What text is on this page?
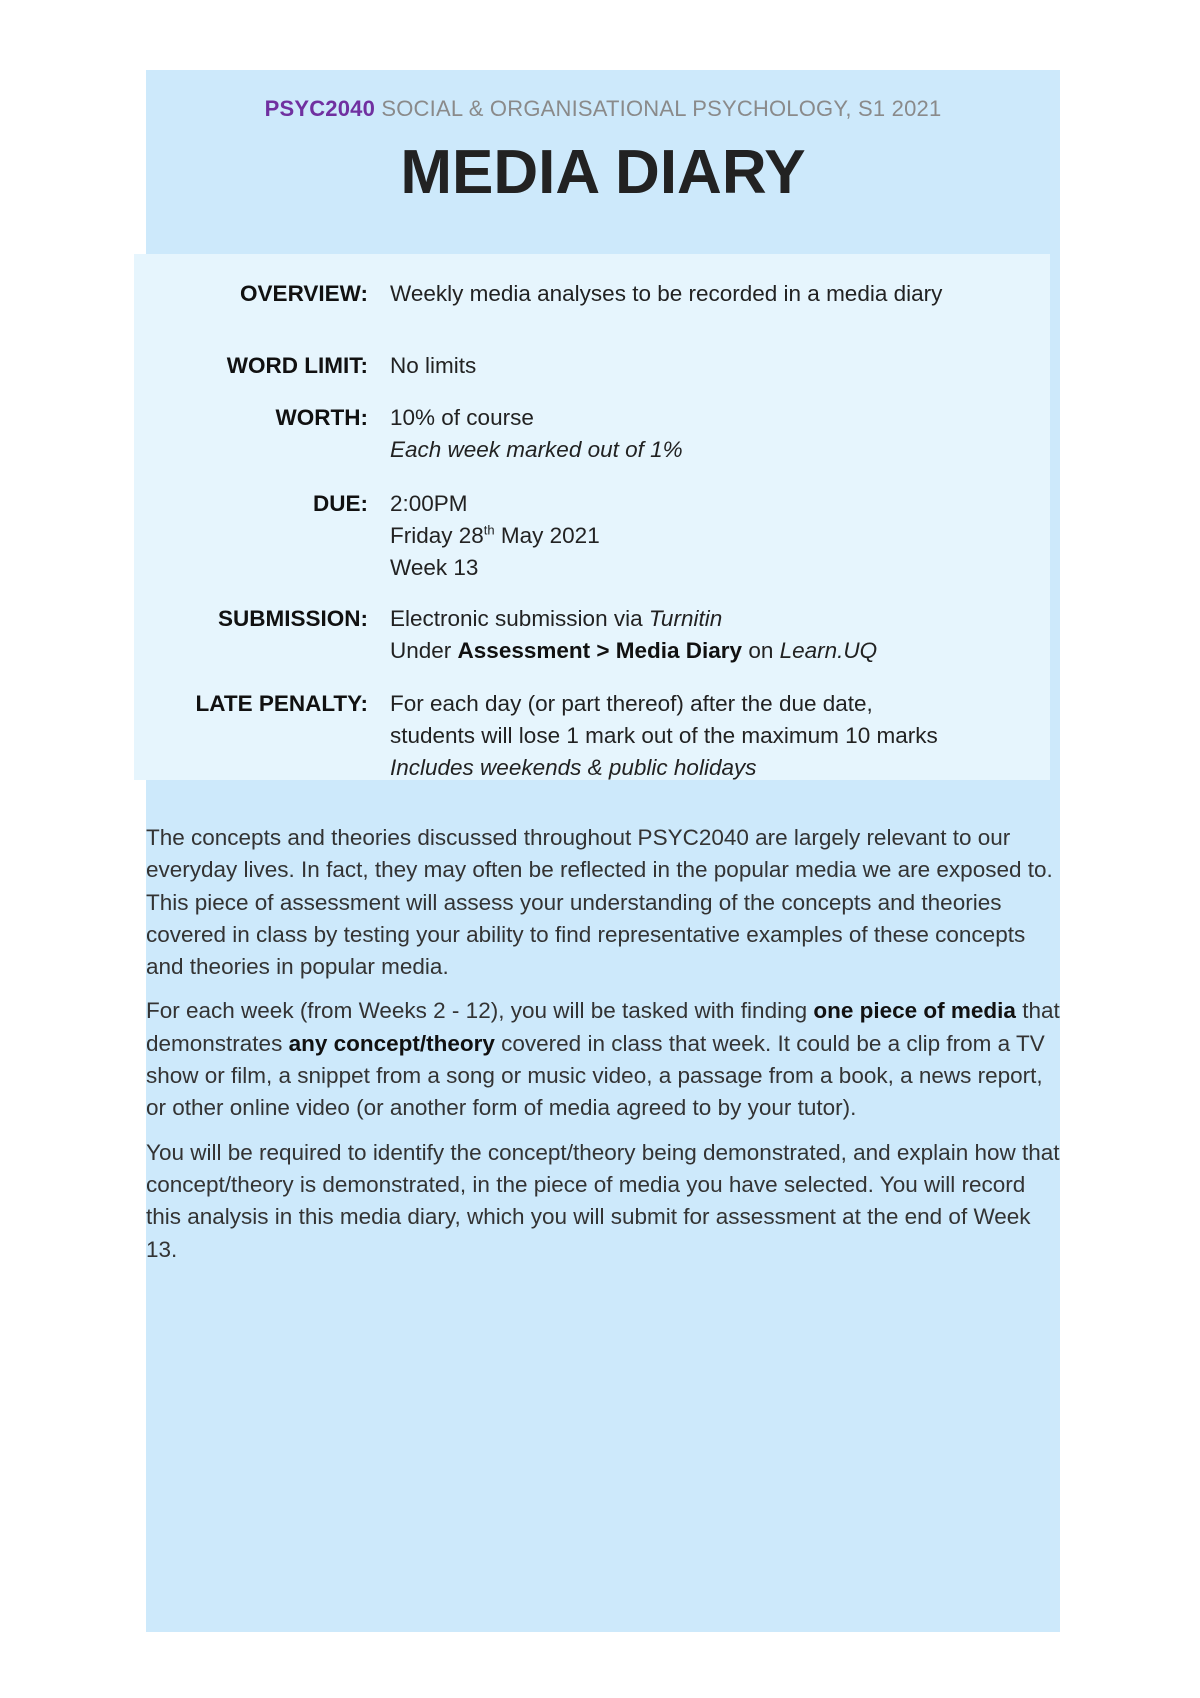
PSYC2040 SOCIAL & ORGANISATIONAL PSYCHOLOGY, S1 2021

MEDIA DIARY
OVERVIEW: Weekly media analyses to be recorded in a media diary
WORD LIMIT: No limits
WORTH: 10% of course
Each week marked out of 1%
DUE: 2:00PM
Friday 28th May 2021
Week 13
SUBMISSION: Electronic submission via Turnitin
Under Assessment > Media Diary on Learn.UQ
LATE PENALTY: For each day (or part thereof) after the due date,
students will lose 1 mark out of the maximum 10 marks
Includes weekends & public holidays

The concepts and theories discussed throughout PSYC2040 are largely relevant to our everyday lives. In fact, they may often be reflected in the popular media we are exposed to. This piece of assessment will assess your understanding of the concepts and theories covered in class by testing your ability to find representative examples of these concepts and theories in popular media.

For each week (from Weeks 2 - 12), you will be tasked with finding one piece of media that demonstrates any concept/theory covered in class that week. It could be a clip from a TV show or film, a snippet from a song or music video, a passage from a book, a news report, or other online video (or another form of media agreed to by your tutor).

You will be required to identify the concept/theory being demonstrated, and explain how that concept/theory is demonstrated, in the piece of media you have selected. You will record this analysis in this media diary, which you will submit for assessment at the end of Week 13.
